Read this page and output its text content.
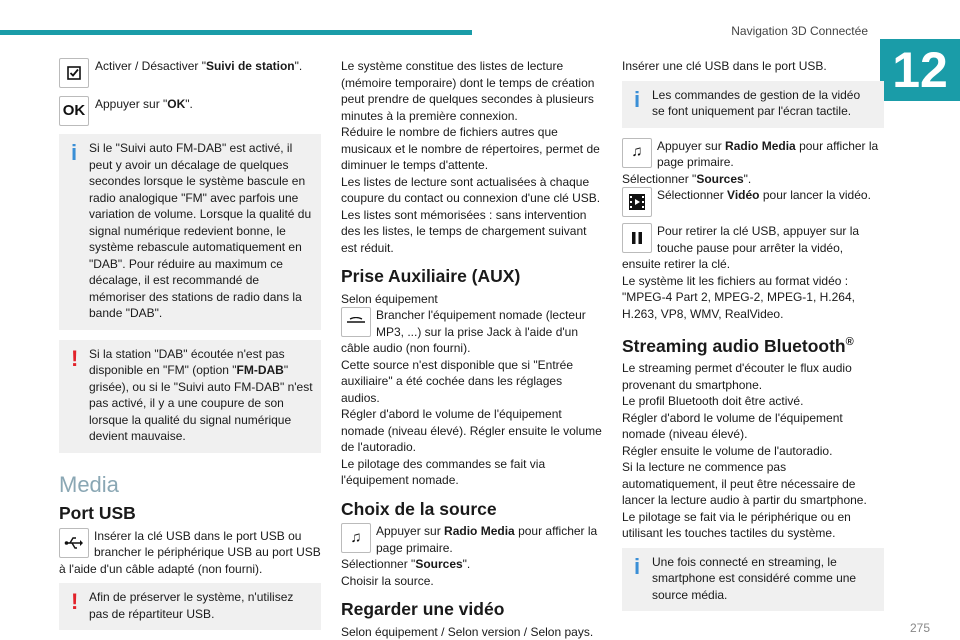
Navigation 3D Connectée
12

Activer / Désactiver "Suivi de station".

OK Appuyer sur "OK".

i Si le "Suivi auto FM-DAB" est activé, il peut y avoir un décalage de quelques secondes lorsque le système bascule en radio analogique "FM" avec parfois une variation de volume. Lorsque la qualité du signal numérique redevient bonne, le système rebascule automatiquement en "DAB". Pour réduire au maximum ce décalage, il est recommandé de mémoriser des stations de radio dans la bande "DAB".

! Si la station "DAB" écoutée n'est pas disponible en "FM" (option "FM-DAB" grisée), ou si le "Suivi auto FM-DAB" n'est pas activé, il y a une coupure de son lorsque la qualité du signal numérique devient mauvaise.

Media
Port USB

Insérer la clé USB dans le port USB ou brancher le périphérique USB au port USB à l'aide d'un câble adapté (non fourni).

! Afin de préserver le système, n'utilisez pas de répartiteur USB.

Le système constitue des listes de lecture (mémoire temporaire) dont le temps de création peut prendre de quelques secondes à plusieurs minutes à la première connexion.

Réduire le nombre de fichiers autres que musicaux et le nombre de répertoires, permet de diminuer le temps d'attente.

Les listes de lecture sont actualisées à chaque coupure du contact ou connexion d'une clé USB.

Les listes sont mémorisées : sans intervention des les listes, le temps de chargement suivant est réduit.

Prise Auxiliaire (AUX)

Selon équipement

Brancher l'équipement nomade (lecteur MP3, ...) sur la prise Jack à l'aide d'un câble audio (non fourni).

Cette source n'est disponible que si "Entrée auxiliaire" a été cochée dans les réglages audios.

Régler d'abord le volume de l'équipement nomade (niveau élevé). Régler ensuite le volume de l'autoradio.

Le pilotage des commandes se fait via l'équipement nomade.

Choix de la source
♫	Appuyer sur Radio Media pour afficher la page primaire.

Sélectionner "Sources".

Choisir la source.

Regarder une vidéo

Selon équipement / Selon version / Selon pays.

Insérer une clé USB dans le port USB.

i Les commandes de gestion de la vidéo se font uniquement par l'écran tactile.

♫	Appuyer sur Radio Media pour afficher la page primaire.

Sélectionner "Sources".

Sélectionner Vidéo pour lancer la vidéo.

Pour retirer la clé USB, appuyer sur la touche pause pour arrêter la vidéo, ensuite retirer la clé.

Le système lit les fichiers au format vidéo : "MPEG-4 Part 2, MPEG-2, MPEG-1, H.264, H.263, VP8, WMV, RealVideo.

Streaming audio Bluetooth®

Le streaming permet d'écouter le flux audio provenant du smartphone.

Le profil Bluetooth doit être activé.

Régler d'abord le volume de l'équipement nomade (niveau élevé).

Régler ensuite le volume de l'autoradio.

Si la lecture ne commence pas automatiquement, il peut être nécessaire de lancer la lecture audio à partir du smartphone.

Le pilotage se fait via le périphérique ou en utilisant les touches tactiles du système.

i Une fois connecté en streaming, le smartphone est considéré comme une source média.

275
